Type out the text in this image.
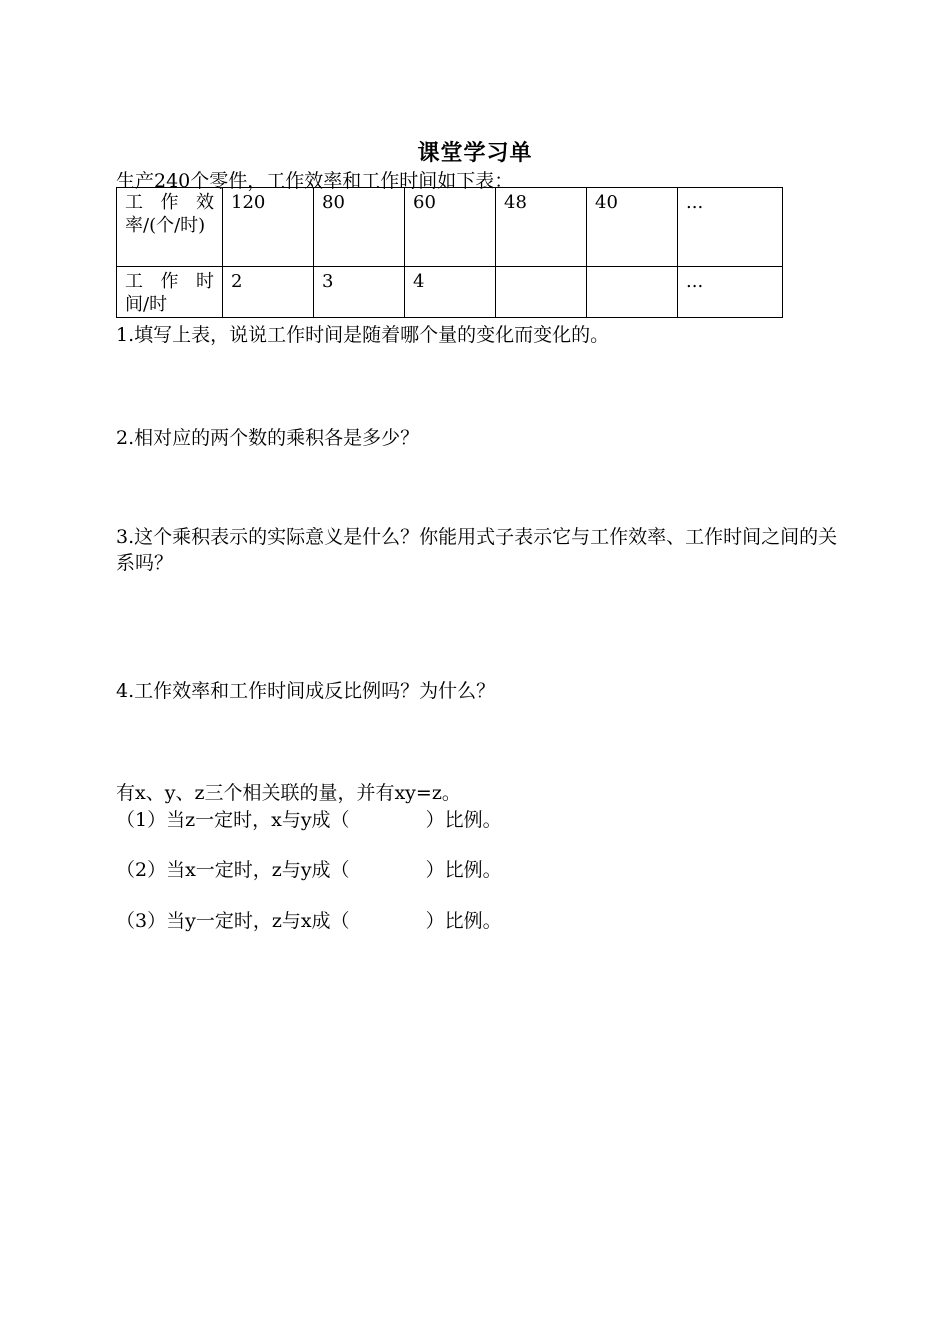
课堂学习单
生产240个零件，工作效率和工作时间如下表：
工 作 效率/(个/时)	120	80	60	48	40	...
工 作 时间/时	2	3	4			...
1.填写上表，说说工作时间是随着哪个量的变化而变化的。
2.相对应的两个数的乘积各是多少？
3.这个乘积表示的实际意义是什么？你能用式子表示它与工作效率、工作时间之间的关系吗？
4.工作效率和工作时间成反比例吗？为什么？
有x、y、z三个相关联的量，并有xy=z。
（1）当z一定时，x与y成（	）比例。
（2）当x一定时，z与y成（	）比例。
（3）当y一定时，z与x成（	）比例。
